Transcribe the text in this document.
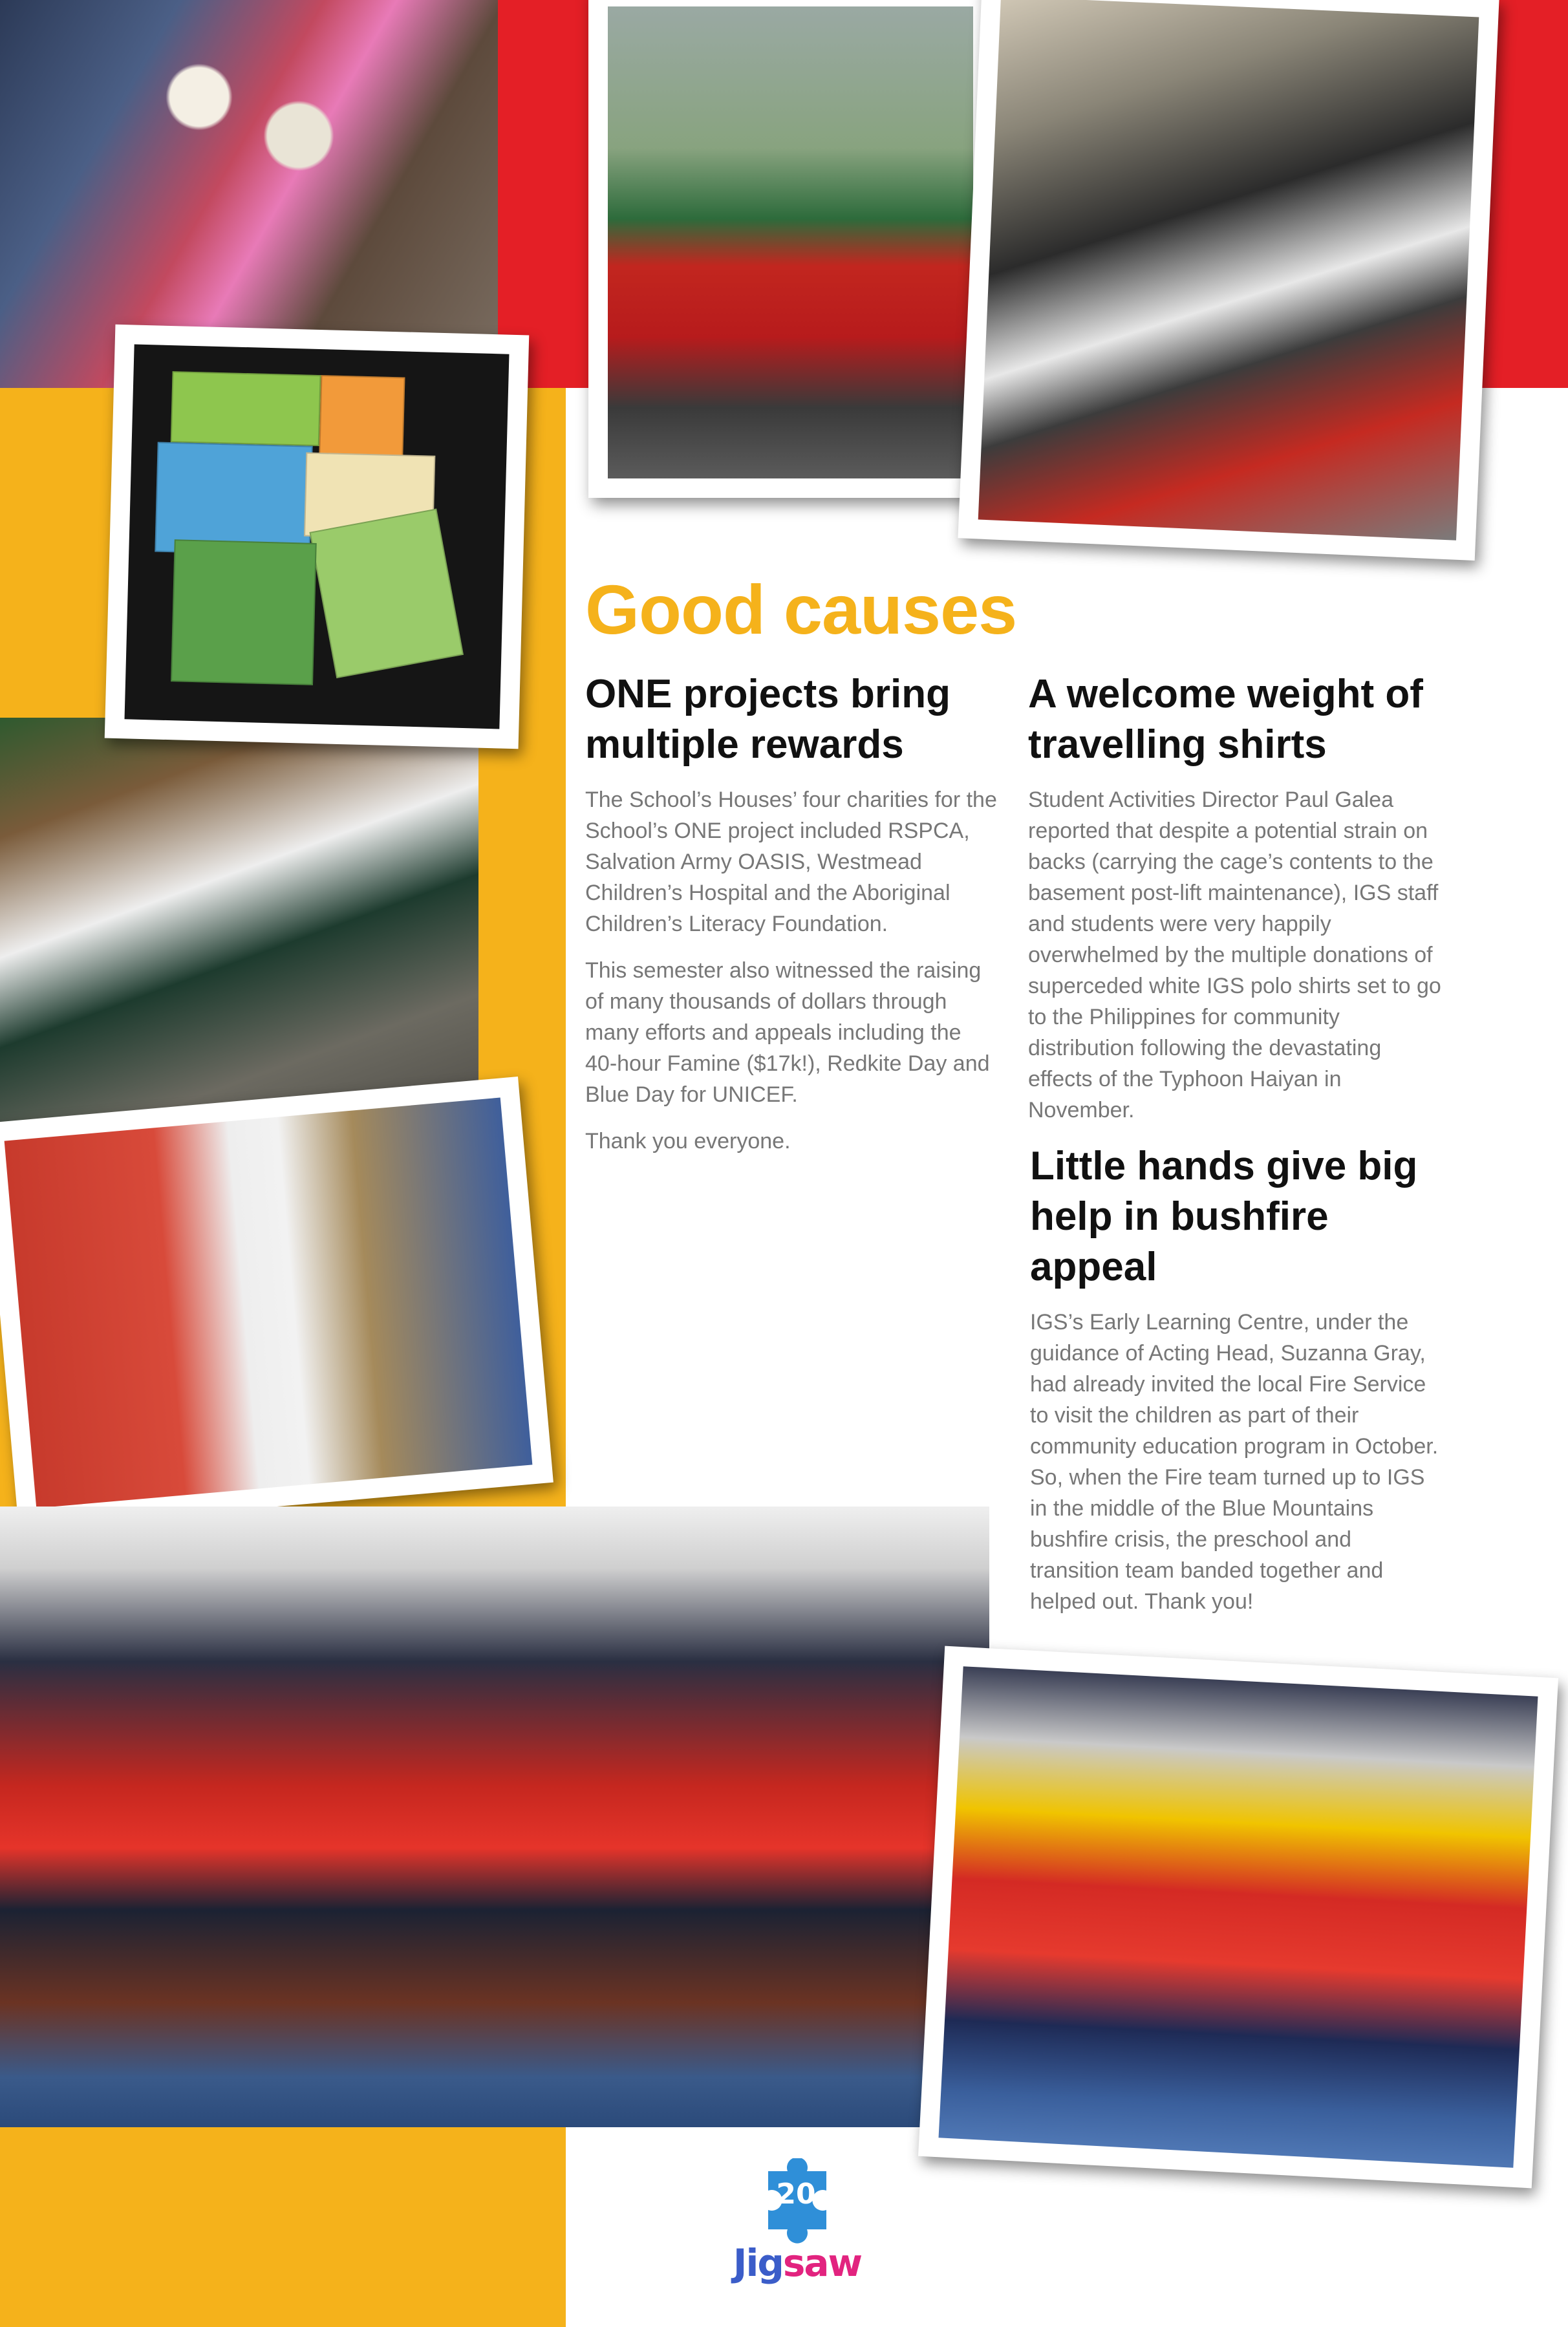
Good causes
ONE projects bring multiple rewards

The School’s Houses’ four charities for the School’s ONE project included RSPCA, Salvation Army OASIS, Westmead Children’s Hospital and the Aboriginal Children’s Literacy Foundation.

This semester also witnessed the raising of many thousands of dollars through many efforts and appeals including the 40-hour Famine ($17k!), Redkite Day and Blue Day for UNICEF.

Thank you everyone.

A welcome weight of travelling shirts

Student Activities Director Paul Galea reported that despite a potential strain on backs (carrying the cage’s contents to the basement post-lift maintenance), IGS staff and students were very happily overwhelmed by the multiple donations of superceded white IGS polo shirts set to go to the Philippines for community distribution following the devastating effects of the Typhoon Haiyan in November.

Little hands give big help in bushfire appeal

IGS’s Early Learning Centre, under the guidance of Acting Head, Suzanna Gray, had already invited the local Fire Service to visit the children as part of their community education program in October. So, when the Fire team turned up to IGS in the middle of the Blue Mountains bushfire crisis, the preschool and transition team banded together and helped out. Thank you!

20
Jigsaw
